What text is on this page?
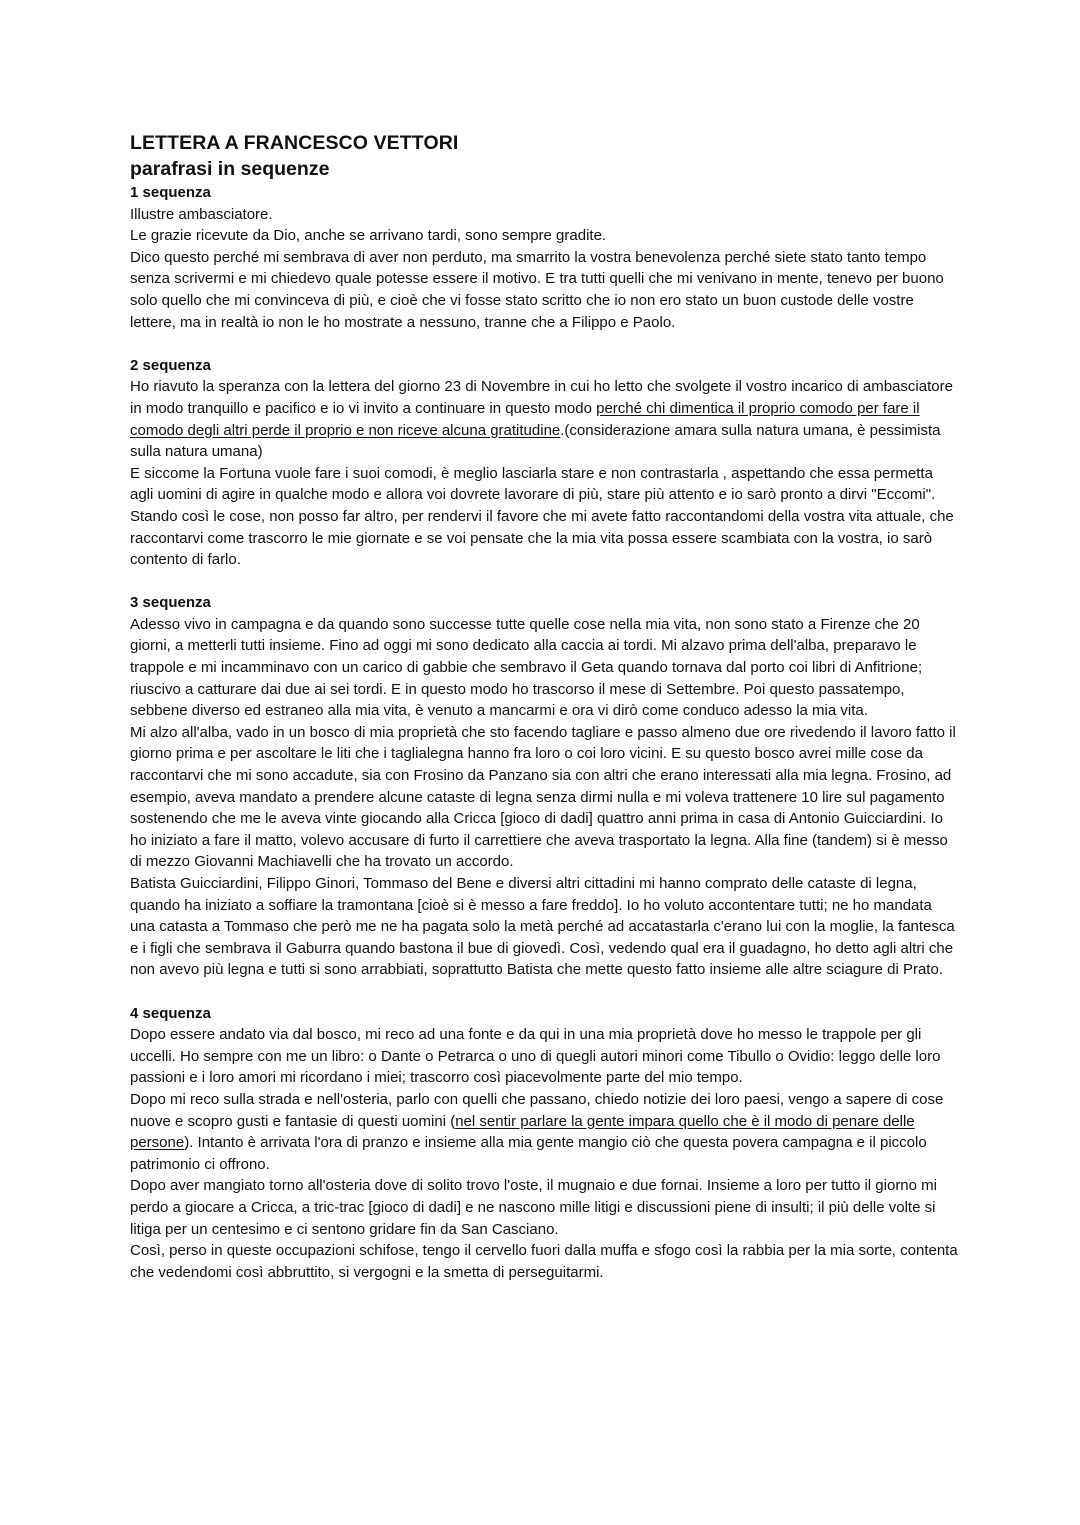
LETTERA A FRANCESCO VETTORI
parafrasi in sequenze
1 sequenza

Illustre ambasciatore.

Le grazie ricevute da Dio, anche se arrivano tardi, sono sempre gradite.

Dico questo perché mi sembrava di aver non perduto, ma smarrito la vostra benevolenza perché siete stato tanto tempo senza scrivermi e mi chiedevo quale potesse essere il motivo. E tra tutti quelli che mi venivano in mente, tenevo per buono solo quello che mi convinceva di più, e cioè che vi fosse stato scritto che io non ero stato un buon custode delle vostre lettere, ma in realtà io non le ho mostrate a nessuno, tranne che a Filippo e Paolo.

2 sequenza

Ho riavuto la speranza con la lettera del giorno 23 di Novembre in cui ho letto che svolgete il vostro incarico di ambasciatore in modo tranquillo e pacifico e io vi invito a continuare in questo modo perché chi dimentica il proprio comodo per fare il comodo degli altri perde il proprio e non riceve alcuna gratitudine.(considerazione amara sulla natura umana, è pessimista sulla natura umana)

E siccome la Fortuna vuole fare i suoi comodi, è meglio lasciarla stare e non contrastarla , aspettando che essa permetta agli uomini di agire in qualche modo e allora voi dovrete lavorare di più, stare più attento e io sarò pronto a dirvi "Eccomi".

Stando così le cose, non posso far altro, per rendervi il favore che mi avete fatto raccontandomi della vostra vita attuale, che raccontarvi come trascorro le mie giornate e se voi pensate che la mia vita possa essere scambiata con la vostra, io sarò contento di farlo.

3 sequenza

Adesso vivo in campagna e da quando sono successe tutte quelle cose nella mia vita, non sono stato a Firenze che 20 giorni, a metterli tutti insieme. Fino ad oggi mi sono dedicato alla caccia ai tordi. Mi alzavo prima dell'alba, preparavo le trappole e mi incamminavo con un carico di gabbie che sembravo il Geta quando tornava dal porto coi libri di Anfitrione; riuscivo a catturare dai due ai sei tordi. E in questo modo ho trascorso il mese di Settembre. Poi questo passatempo, sebbene diverso ed estraneo alla mia vita, è venuto a mancarmi e ora vi dirò come conduco adesso la mia vita.

Mi alzo all'alba, vado in un bosco di mia proprietà che sto facendo tagliare e passo almeno due ore rivedendo il lavoro fatto il giorno prima e per ascoltare le liti che i taglialegna hanno fra loro o coi loro vicini. E su questo bosco avrei mille cose da raccontarvi che mi sono accadute, sia con Frosino da Panzano sia con altri che erano interessati alla mia legna. Frosino, ad esempio, aveva mandato a prendere alcune cataste di legna senza dirmi nulla e mi voleva trattenere 10 lire sul pagamento sostenendo che me le aveva vinte giocando alla Cricca [gioco di dadi] quattro anni prima in casa di Antonio Guicciardini. Io ho iniziato a fare il matto, volevo accusare di furto il carrettiere che aveva trasportato la legna. Alla fine (tandem) si è messo di mezzo Giovanni Machiavelli che ha trovato un accordo.

Batista Guicciardini, Filippo Ginori, Tommaso del Bene e diversi altri cittadini mi hanno comprato delle cataste di legna, quando ha iniziato a soffiare la tramontana [cioè si è messo a fare freddo]. Io ho voluto accontentare tutti; ne ho mandata una catasta a Tommaso che però me ne ha pagata solo la metà perché ad accatastarla c'erano lui con la moglie, la fantesca e i figli che sembrava il Gaburra quando bastona il bue di giovedì. Così, vedendo qual era il guadagno, ho detto agli altri che non avevo più legna e tutti si sono arrabbiati, soprattutto Batista che mette questo fatto insieme alle altre sciagure di Prato.

4 sequenza

Dopo essere andato via dal bosco, mi reco ad una fonte e da qui in una mia proprietà dove ho messo le trappole per gli uccelli. Ho sempre con me un libro: o Dante o Petrarca o uno di quegli autori minori come Tibullo o Ovidio: leggo delle loro passioni e i loro amori mi ricordano i miei; trascorro così piacevolmente parte del mio tempo.

Dopo mi reco sulla strada e nell'osteria, parlo con quelli che passano, chiedo notizie dei loro paesi, vengo a sapere di cose nuove e scopro gusti e fantasie di questi uomini (nel sentir parlare la gente impara quello che è il modo di penare delle persone). Intanto è arrivata l'ora di pranzo e insieme alla mia gente mangio ciò che questa povera campagna e il piccolo patrimonio ci offrono.

Dopo aver mangiato torno all'osteria dove di solito trovo l'oste, il mugnaio e due fornai. Insieme a loro per tutto il giorno mi perdo a giocare a Cricca, a tric-trac [gioco di dadi] e ne nascono mille litigi e discussioni piene di insulti; il più delle volte si litiga per un centesimo e ci sentono gridare fin da San Casciano.

Così, perso in queste occupazioni schifose, tengo il cervello fuori dalla muffa e sfogo così la rabbia per la mia sorte, contenta che vedendomi così abbruttito, si vergogni e la smetta di perseguitarmi.
